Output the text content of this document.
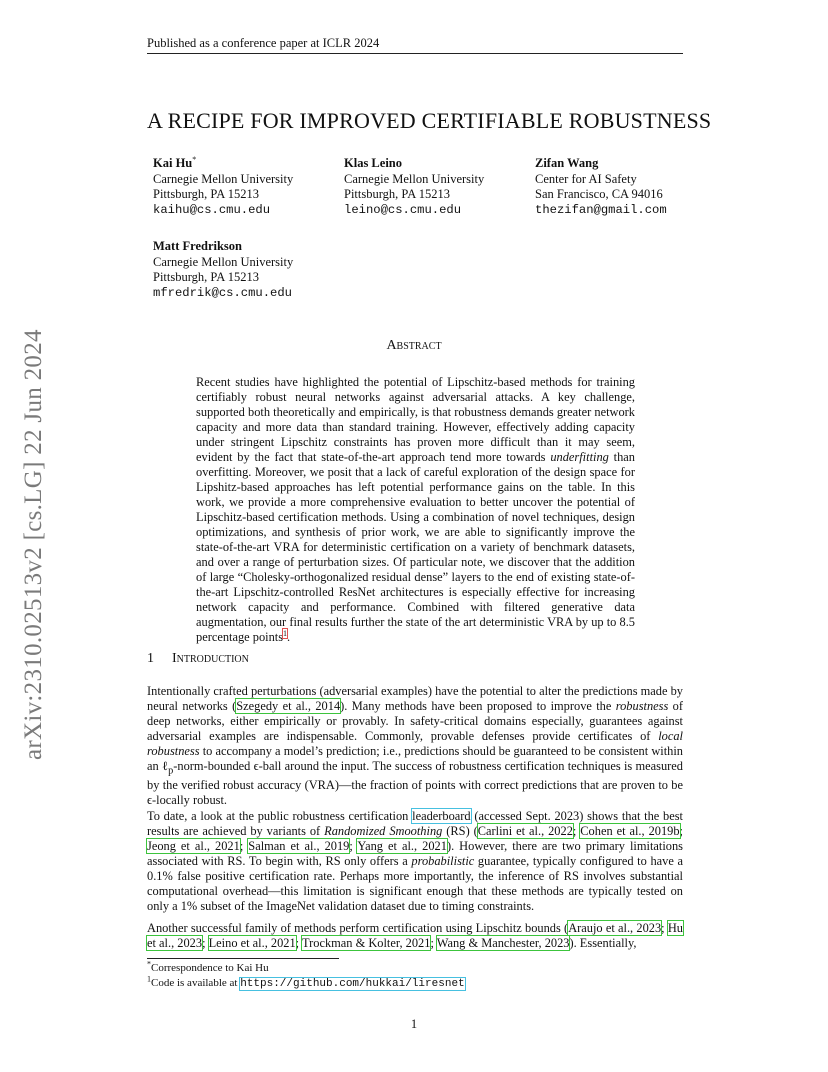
Published as a conference paper at ICLR 2024
A RECIPE FOR IMPROVED CERTIFIABLE ROBUSTNESS
Kai Hu*
Carnegie Mellon University
Pittsburgh, PA 15213
kaihu@cs.cmu.edu
Klas Leino
Carnegie Mellon University
Pittsburgh, PA 15213
leino@cs.cmu.edu
Zifan Wang
Center for AI Safety
San Francisco, CA 94016
thezifan@gmail.com
Matt Fredrikson
Carnegie Mellon University
Pittsburgh, PA 15213
mfredrik@cs.cmu.edu
arXiv:2310.02513v2 [cs.LG] 22 Jun 2024	Abstract
Recent studies have highlighted the potential of Lipschitz-based methods for training certifiably robust neural networks against adversarial attacks. A key challenge, supported both theoretically and empirically, is that robustness demands greater network capacity and more data than standard training. However, effectively adding capacity under stringent Lipschitz constraints has proven more difficult than it may seem, evident by the fact that state-of-the-art approach tend more towards underfitting than overfitting. Moreover, we posit that a lack of careful exploration of the design space for Lipshitz-based approaches has left potential performance gains on the table. In this work, we provide a more comprehensive evaluation to better uncover the potential of Lipschitz-based certification methods. Using a combination of novel techniques, design optimizations, and synthesis of prior work, we are able to significantly improve the state-of-the-art VRA for deterministic certification on a variety of benchmark datasets, and over a range of perturbation sizes. Of particular note, we discover that the addition of large “Cholesky-orthogonalized residual dense” layers to the end of existing state-of-the-art Lipschitz-controlled ResNet architectures is especially effective for increasing network capacity and performance. Combined with filtered generative data augmentation, our final results further the state of the art deterministic VRA by up to 8.5 percentage points$^1$.
1 Introduction
Intentionally crafted perturbations (adversarial examples) have the potential to alter the predictions made by neural networks (Szegedy et al., 2014). Many methods have been proposed to improve the robustness of deep networks, either empirically or provably. In safety-critical domains especially, guarantees against adversarial examples are indispensable. Commonly, provable defenses provide certificates of local robustness to accompany a model’s prediction; i.e., predictions should be guaranteed to be consistent within an ℓ$_p$-norm-bounded ϵ-ball around the input. The success of robustness certification techniques is measured by the verified robust accuracy (VRA)—the fraction of points with correct predictions that are proven to be ϵ-locally robust.
To date, a look at the public robustness certification leaderboard (accessed Sept. 2023) shows that the best results are achieved by variants of Randomized Smoothing (RS) (Carlini et al., 2022; Cohen et al., 2019b; Jeong et al., 2021; Salman et al., 2019; Yang et al., 2021). However, there are two primary limitations associated with RS. To begin with, RS only offers a probabilistic guarantee, typically configured to have a 0.1% false positive certification rate. Perhaps more importantly, the inference of RS involves substantial computational overhead—this limitation is significant enough that these methods are typically tested on only a 1% subset of the ImageNet validation dataset due to timing constraints.
Another successful family of methods perform certification using Lipschitz bounds (Araujo et al., 2023; Hu et al., 2023; Leino et al., 2021; Trockman & Kolter, 2021; Wang & Manchester, 2023). Essentially,
*Correspondence to Kai Hu
$^1$Code is available at https://github.com/hukkai/liresnet
1
